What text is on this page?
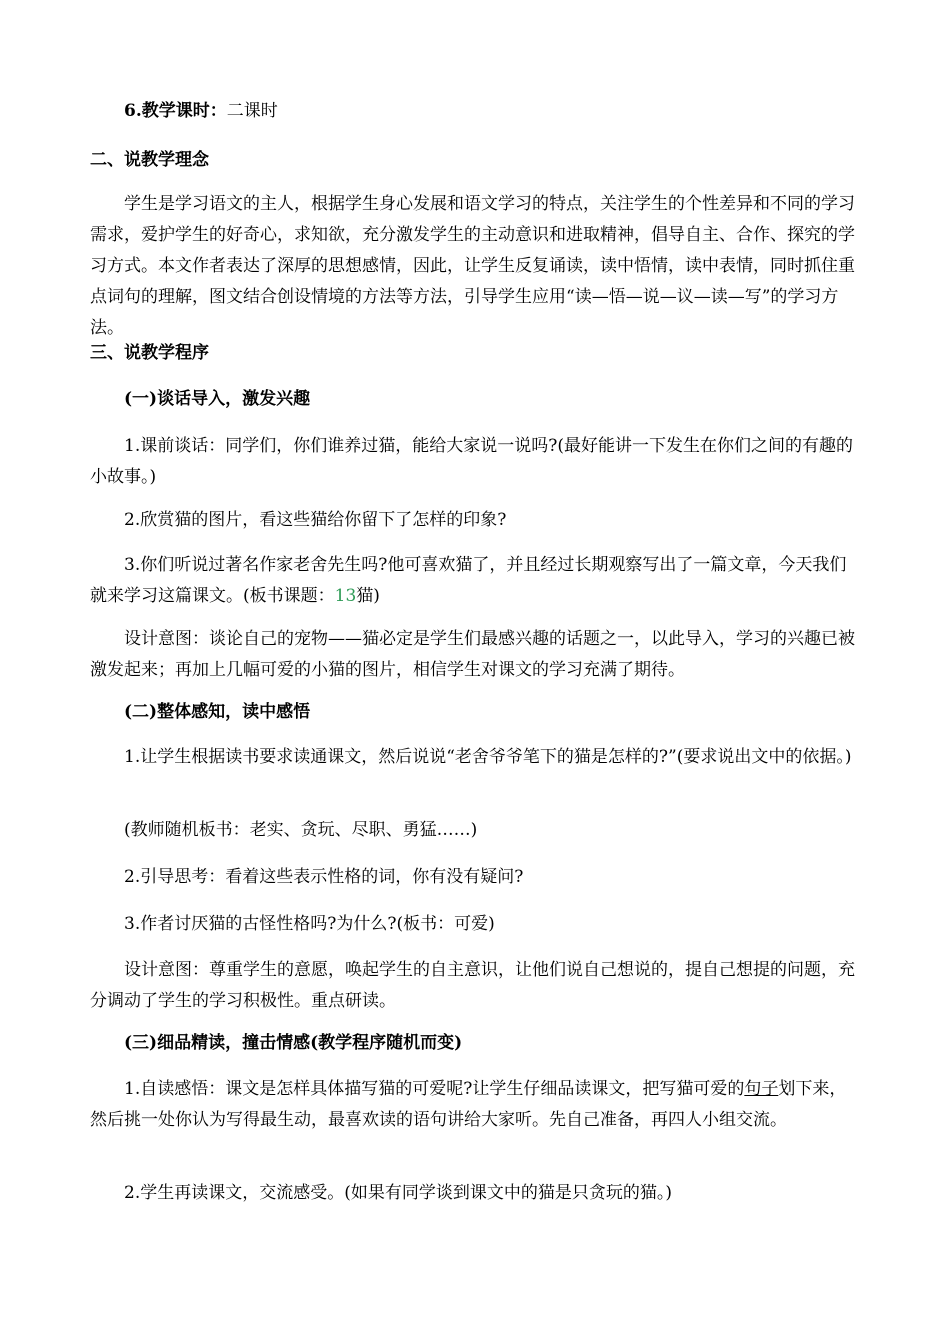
6.教学课时：二课时

二、说教学理念

学生是学习语文的主人，根据学生身心发展和语文学习的特点，关注学生的个性差异和不同的学习需求，爱护学生的好奇心，求知欲，充分激发学生的主动意识和进取精神，倡导自主、合作、探究的学习方式。本文作者表达了深厚的思想感情，因此，让学生反复诵读，读中悟情，读中表情，同时抓住重点词句的理解，图文结合创设情境的方法等方法，引导学生应用“读—悟—说—议—读—写”的学习方法。

三、说教学程序

(一)谈话导入，激发兴趣

1.课前谈话：同学们，你们谁养过猫，能给大家说一说吗?(最好能讲一下发生在你们之间的有趣的小故事。)

2.欣赏猫的图片，看这些猫给你留下了怎样的印象?

3.你们听说过著名作家老舍先生吗?他可喜欢猫了，并且经过长期观察写出了一篇文章，今天我们就来学习这篇课文。(板书课题：13猫)

设计意图：谈论自己的宠物——猫必定是学生们最感兴趣的话题之一，以此导入，学习的兴趣已被激发起来；再加上几幅可爱的小猫的图片，相信学生对课文的学习充满了期待。

(二)整体感知，读中感悟

1.让学生根据读书要求读通课文，然后说说“老舍爷爷笔下的猫是怎样的?”(要求说出文中的依据。)

(教师随机板书：老实、贪玩、尽职、勇猛……)

2.引导思考：看着这些表示性格的词，你有没有疑问?

3.作者讨厌猫的古怪性格吗?为什么?(板书：可爱)

设计意图：尊重学生的意愿，唤起学生的自主意识，让他们说自己想说的，提自己想提的问题，充分调动了学生的学习积极性。重点研读。

(三)细品精读，撞击情感(教学程序随机而变)

1.自读感悟：课文是怎样具体描写猫的可爱呢?让学生仔细品读课文，把写猫可爱的句子划下来，然后挑一处你认为写得最生动，最喜欢读的语句讲给大家听。先自己准备，再四人小组交流。

2.学生再读课文，交流感受。(如果有同学谈到课文中的猫是只贪玩的猫。)
